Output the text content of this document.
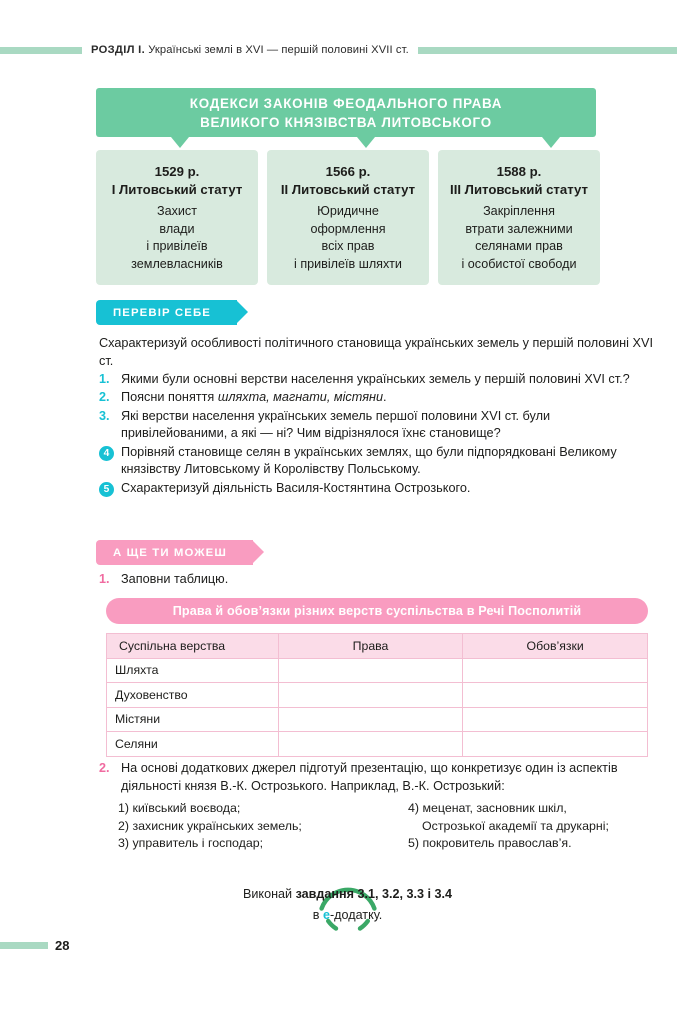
РОЗДІЛ I. Українські землі в XVI — першій половині XVII ст.
КОДЕКСИ ЗАКОНІВ ФЕОДАЛЬНОГО ПРАВА
ВЕЛИКОГО КНЯЗІВСТВА ЛИТОВСЬКОГО
1529 р.
I Литовський статут
Захист
влади
і привілеїв
землевласників
1566 р.
II Литовський статут
Юридичне
оформлення
всіх прав
і привілеїв шляхти
1588 р.
III Литовський статут
Закріплення
втрати залежними
селянами прав
і особистої свободи
ПЕРЕВІР СЕБЕ
Схарактеризуй особливості політичного становища українських земель у першій половині XVI ст.
1. Якими були основні верстви населення українських земель у першій половині XVI ст.?
2. Поясни поняття шляхта, магнати, містяни.
3. Які верстви населення українських земель першої половини XVI ст. були привілейованими, а які — ні? Чим відрізнялося їхнє становище?
4 Порівняй становище селян в українських землях, що були підпорядковані Великому князівству Литовському й Королівству Польському.
5 Схарактеризуй діяльність Василя-Костянтина Острозького.
А ЩЕ ТИ МОЖЕШ
1. Заповни таблицю.
Права й обов’язки різних верств суспільства в Речі Посполитій
Суспільна верства	Права	Обов’язки
Шляхта		
Духовенство		
Містяни		
Селяни		
2. На основі додаткових джерел підготуй презентацію, що конкретизує один із аспектів діяльності князя В.-К. Острозького. Наприклад, В.-К. Острозький:
1) київський воєвода;
2) захисник українських земель;
3) управитель і господар;
4) меценат, засновник шкіл,
Острозької академії та друкарні;
5) покровитель православ’я.
Виконай завдання 3.1, 3.2, 3.3 і 3.4
в e-додатку.
28
